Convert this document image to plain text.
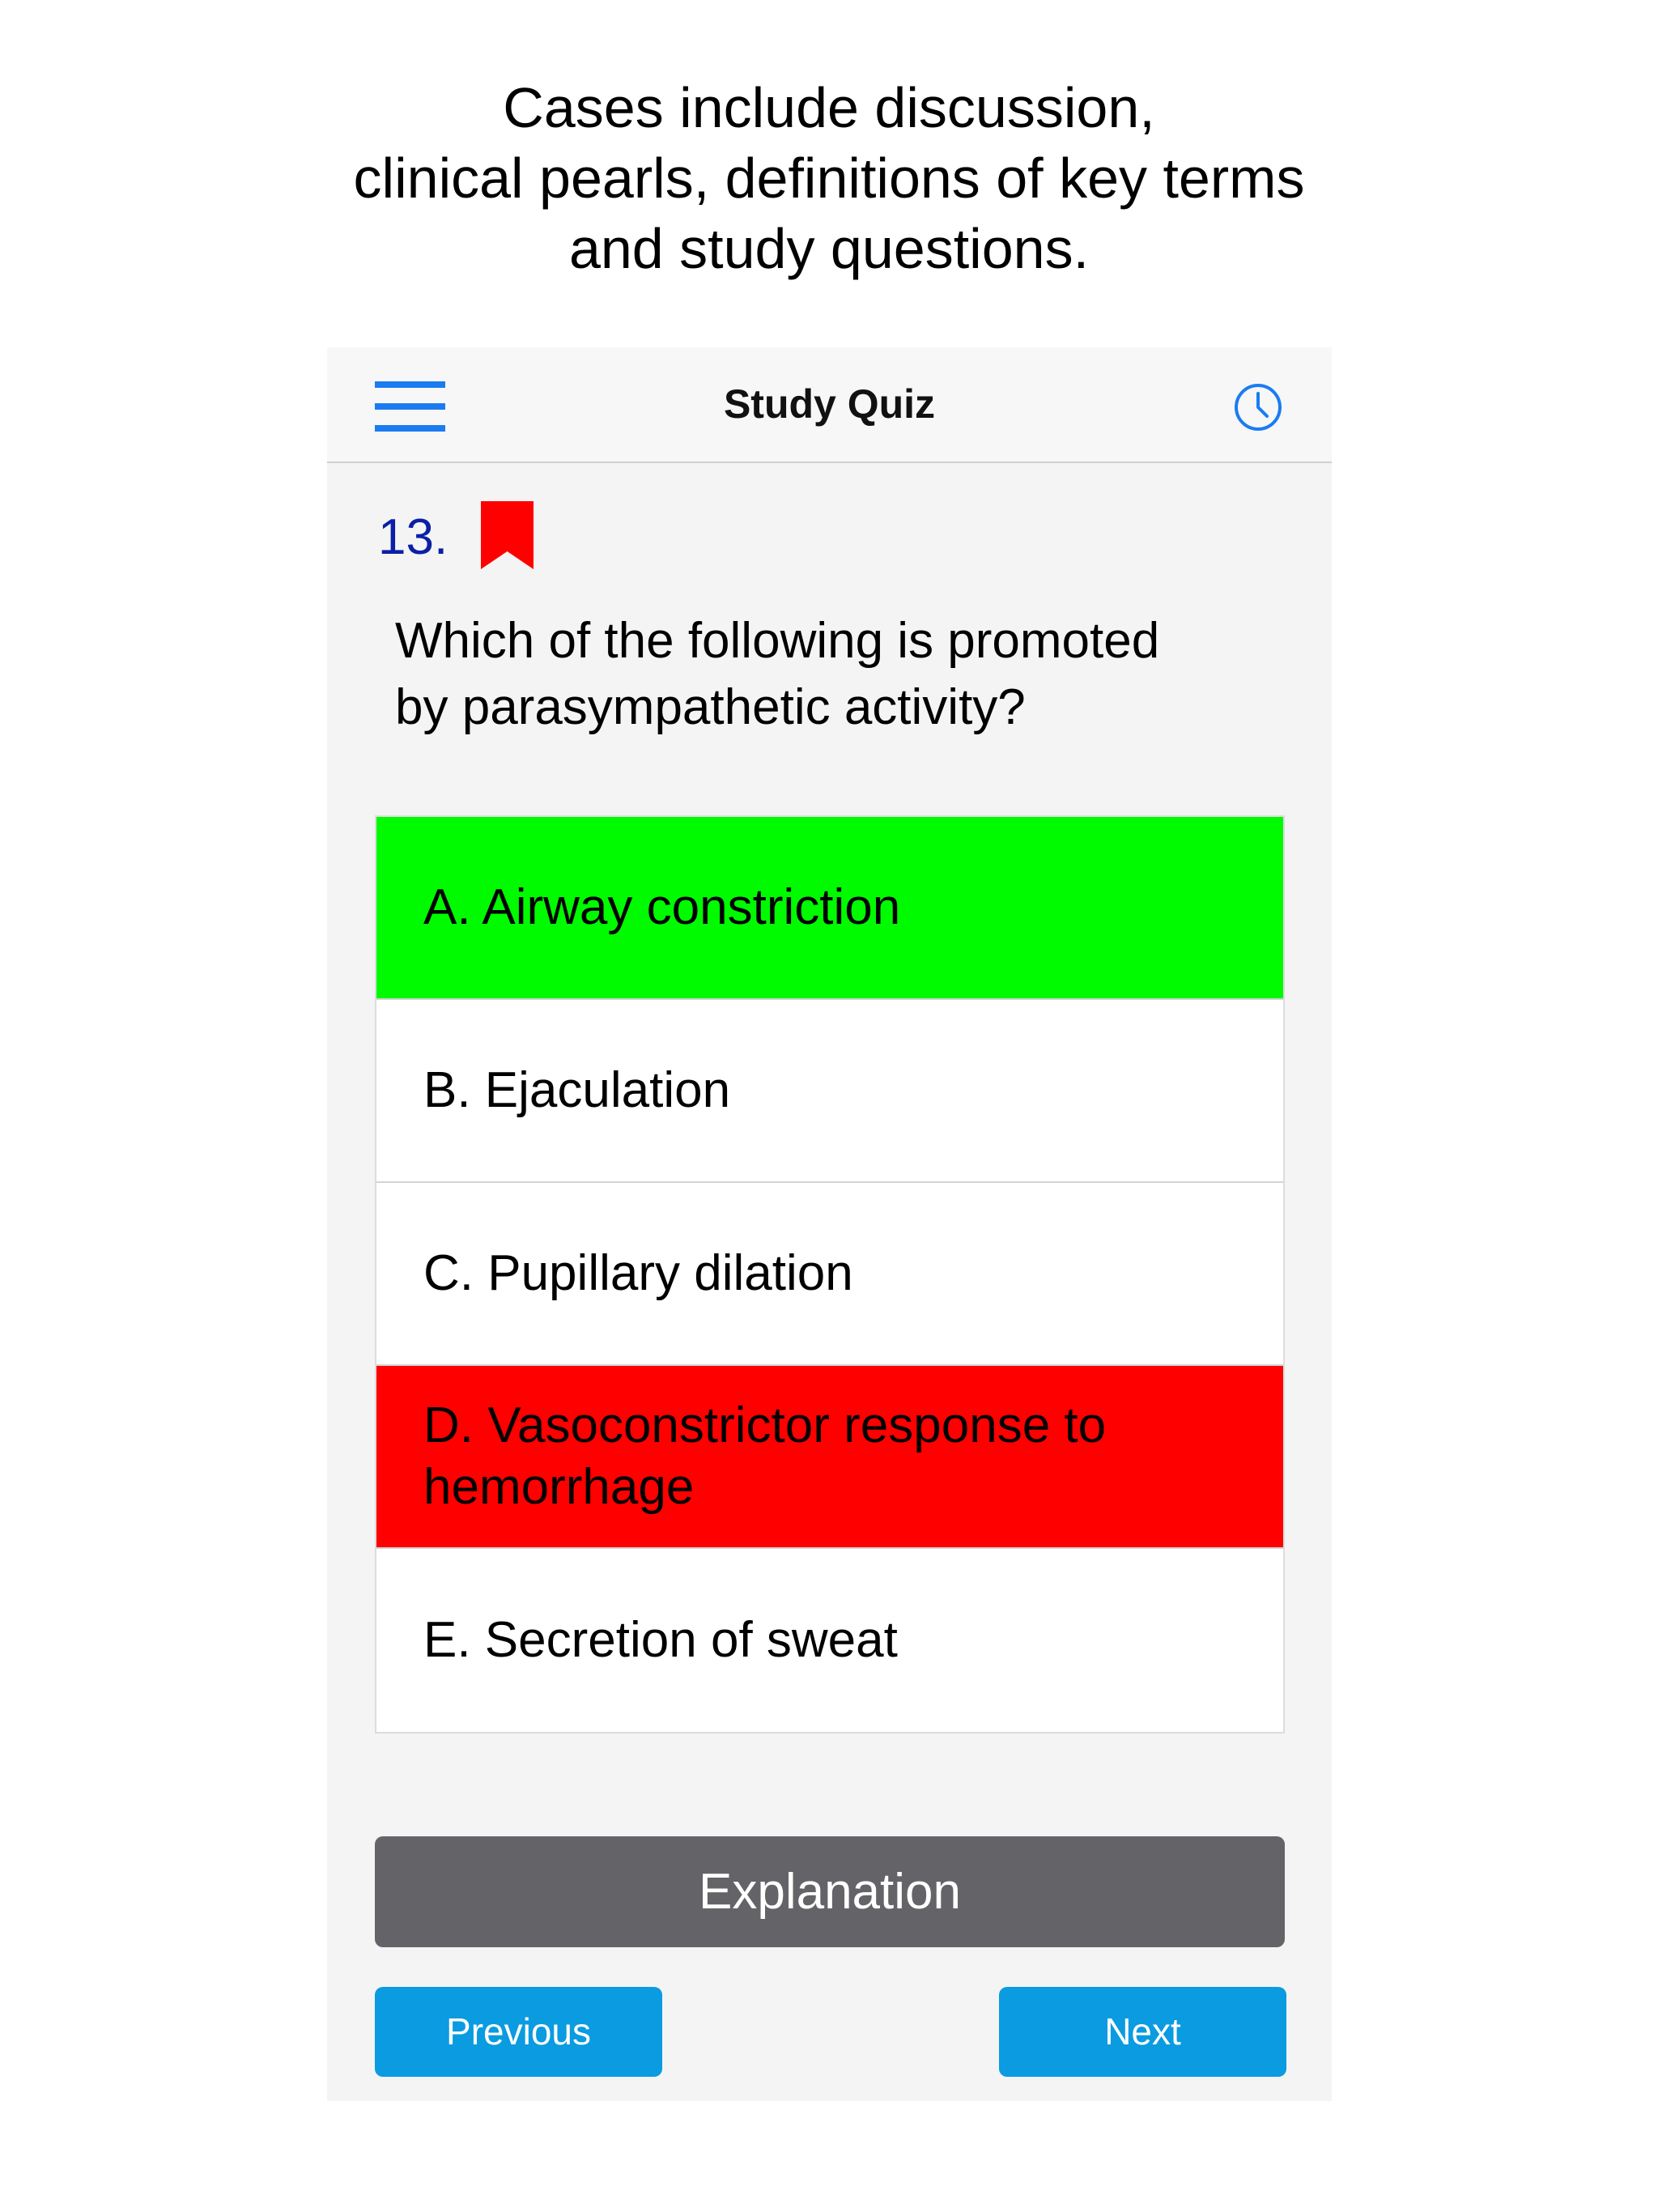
Cases include discussion,
clinical pearls, definitions of key terms
and study questions.
Study Quiz
13.
Which of the following is promoted
by parasympathetic activity?
A. Airway constriction
B. Ejaculation
C. Pupillary dilation
D. Vasoconstrictor response to
hemorrhage
E. Secretion of sweat
Explanation
Previous	Next
